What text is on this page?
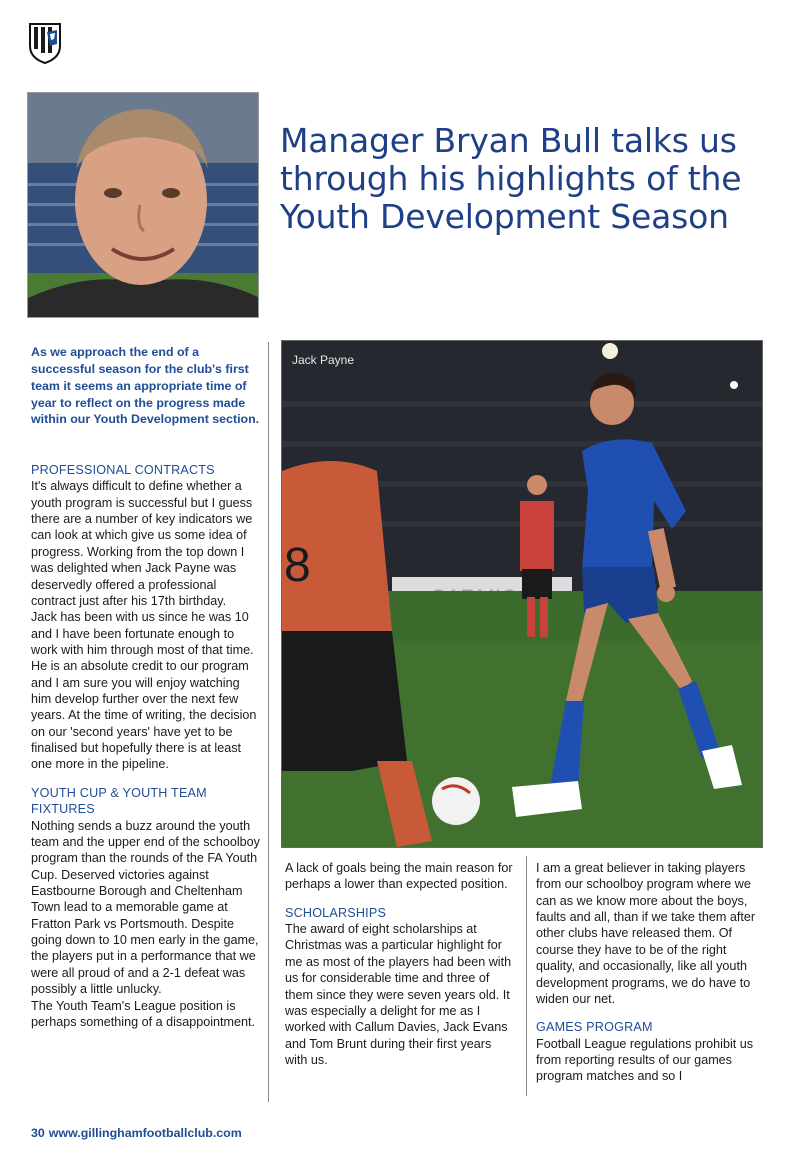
Manager Bryan Bull talks us through his highlights of the Youth Development Season

As we approach the end of a successful season for the club's first team it seems an appropriate time of year to reflect on the progress made within our Youth Development section.

PROFESSIONAL CONTRACTS

It's always difficult to define whether a youth program is successful but I guess there are a number of key indicators we can look at which give us some idea of progress. Working from the top down I was delighted when Jack Payne was deservedly offered a professional contract just after his 17th birthday.

Jack has been with us since he was 10 and I have been fortunate enough to work with him through most of that time. He is an absolute credit to our program and I am sure you will enjoy watching him develop further over the next few years. At the time of writing, the decision on our 'second years' have yet to be finalised but hopefully there is at least one more in the pipeline.

YOUTH CUP & YOUTH TEAM FIXTURES

Nothing sends a buzz around the youth team and the upper end of the schoolboy program than the rounds of the FA Youth Cup. Deserved victories against Eastbourne Borough and Cheltenham Town lead to a memorable game at Fratton Park vs Portsmouth. Despite going down to 10 men early in the game, the players put in a performance that we were all proud of and a 2-1 defeat was possibly a little unlucky.

The Youth Team's League position is perhaps something of a disappointment.

8
Jack Payne

A lack of goals being the main reason for perhaps a lower than expected position.

SCHOLARSHIPS

The award of eight scholarships at Christmas was a particular highlight for me as most of the players had been with us for considerable time and three of them since they were seven years old. It was especially a delight for me as I worked with Callum Davies, Jack Evans and Tom Brunt during their first years with us.

I am a great believer in taking players from our schoolboy program where we can as we know more about the boys, faults and all, than if we take them after other clubs have released them. Of course they have to be of the right quality, and occasionally, like all youth development programs, we do have to widen our net.

GAMES PROGRAM

Football League regulations prohibit us from reporting results of our games program matches and so I

30 www.gillinghamfootballclub.com
